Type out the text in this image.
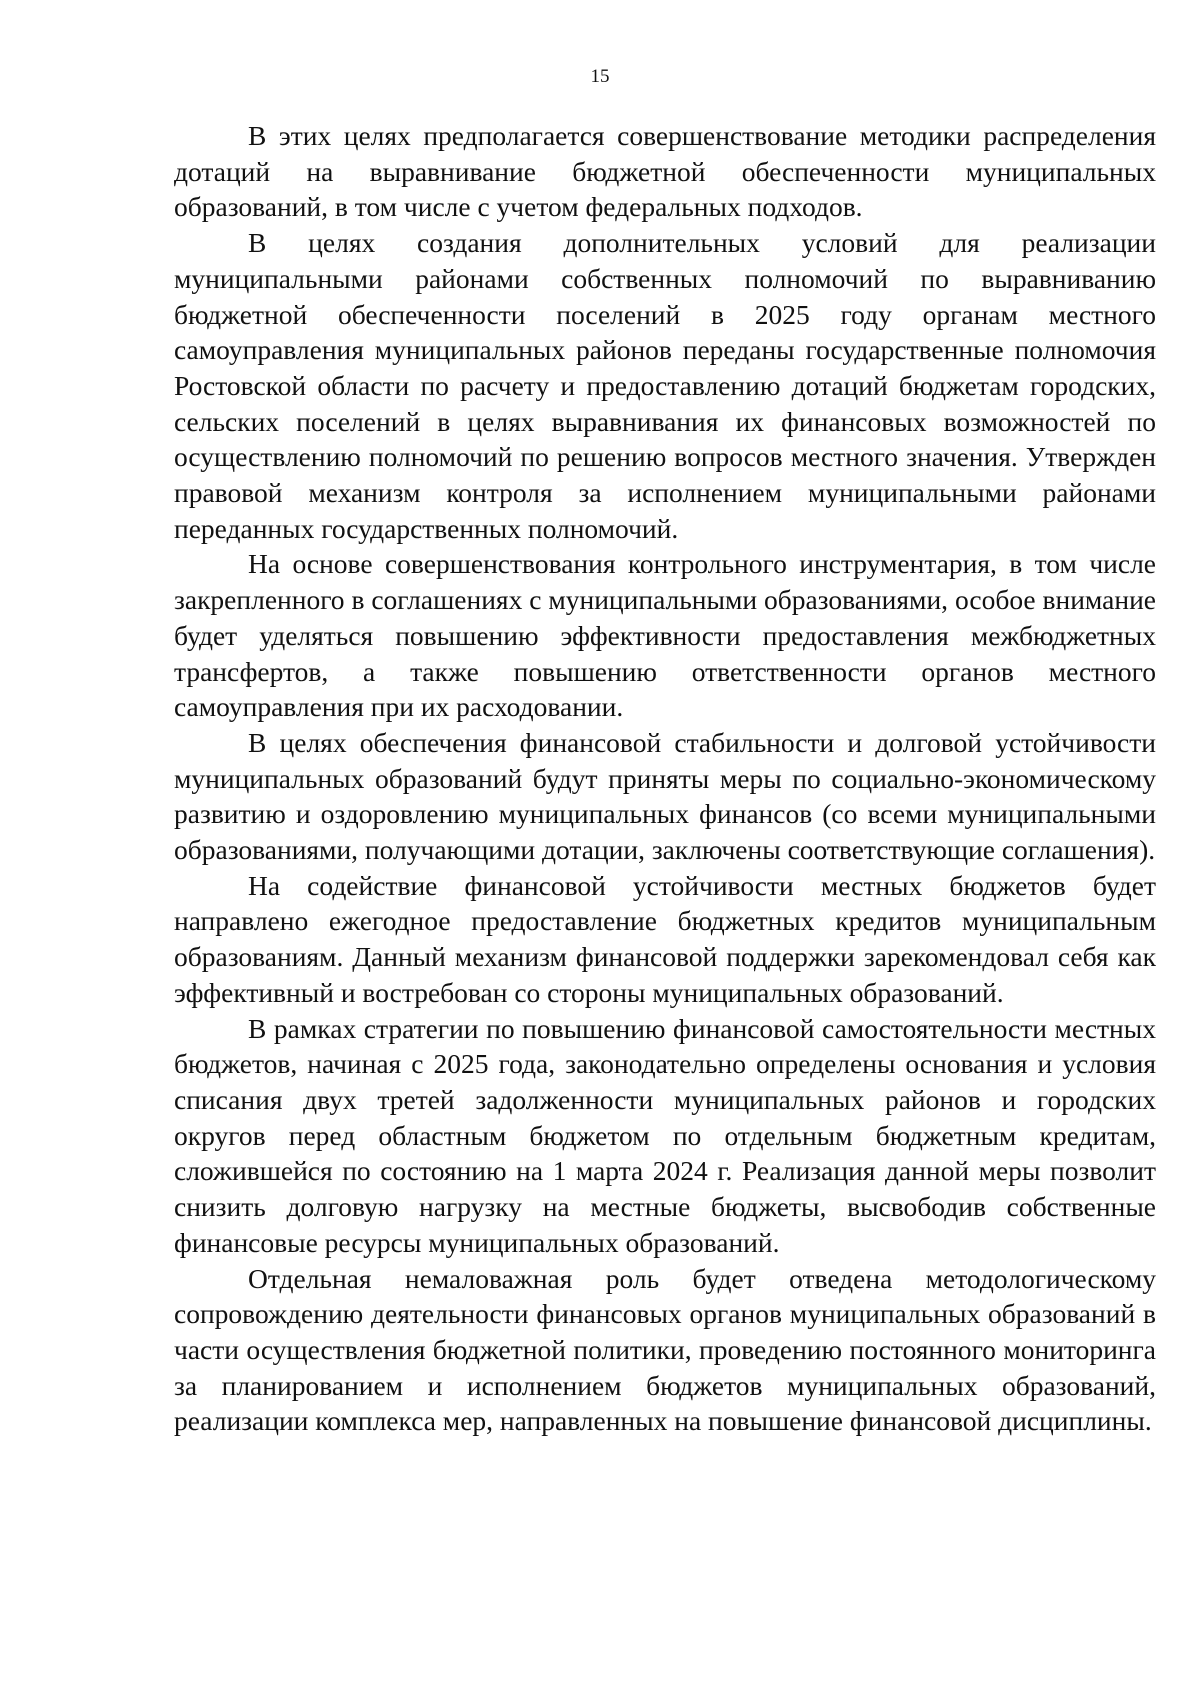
15

В этих целях предполагается совершенствование методики распределения дотаций на выравнивание бюджетной обеспеченности муниципальных образований, в том числе с учетом федеральных подходов.

В целях создания дополнительных условий для реализации муниципальными районами собственных полномочий по выравниванию бюджетной обеспеченности поселений в 2025 году органам местного самоуправления муниципальных районов переданы государственные полномочия Ростовской области по расчету и предоставлению дотаций бюджетам городских, сельских поселений в целях выравнивания их финансовых возможностей по осуществлению полномочий по решению вопросов местного значения. Утвержден правовой механизм контроля за исполнением муниципальными районами переданных государственных полномочий.

На основе совершенствования контрольного инструментария, в том числе закрепленного в соглашениях с муниципальными образованиями, особое внимание будет уделяться повышению эффективности предоставления межбюджетных трансфертов, а также повышению ответственности органов местного самоуправления при их расходовании.

В целях обеспечения финансовой стабильности и долговой устойчивости муниципальных образований будут приняты меры по социально-экономическому развитию и оздоровлению муниципальных финансов (со всеми муниципальными образованиями, получающими дотации, заключены соответствующие соглашения).

На содействие финансовой устойчивости местных бюджетов будет направлено ежегодное предоставление бюджетных кредитов муниципальным образованиям. Данный механизм финансовой поддержки зарекомендовал себя как эффективный и востребован со стороны муниципальных образований.

В рамках стратегии по повышению финансовой самостоятельности местных бюджетов, начиная с 2025 года, законодательно определены основания и условия списания двух третей задолженности муниципальных районов и городских округов перед областным бюджетом по отдельным бюджетным кредитам, сложившейся по состоянию на 1 марта 2024 г. Реализация данной меры позволит снизить долговую нагрузку на местные бюджеты, высвободив собственные финансовые ресурсы муниципальных образований.

Отдельная немаловажная роль будет отведена методологическому сопровождению деятельности финансовых органов муниципальных образований в части осуществления бюджетной политики, проведению постоянного мониторинга за планированием и исполнением бюджетов муниципальных образований, реализации комплекса мер, направленных на повышение финансовой дисциплины.
